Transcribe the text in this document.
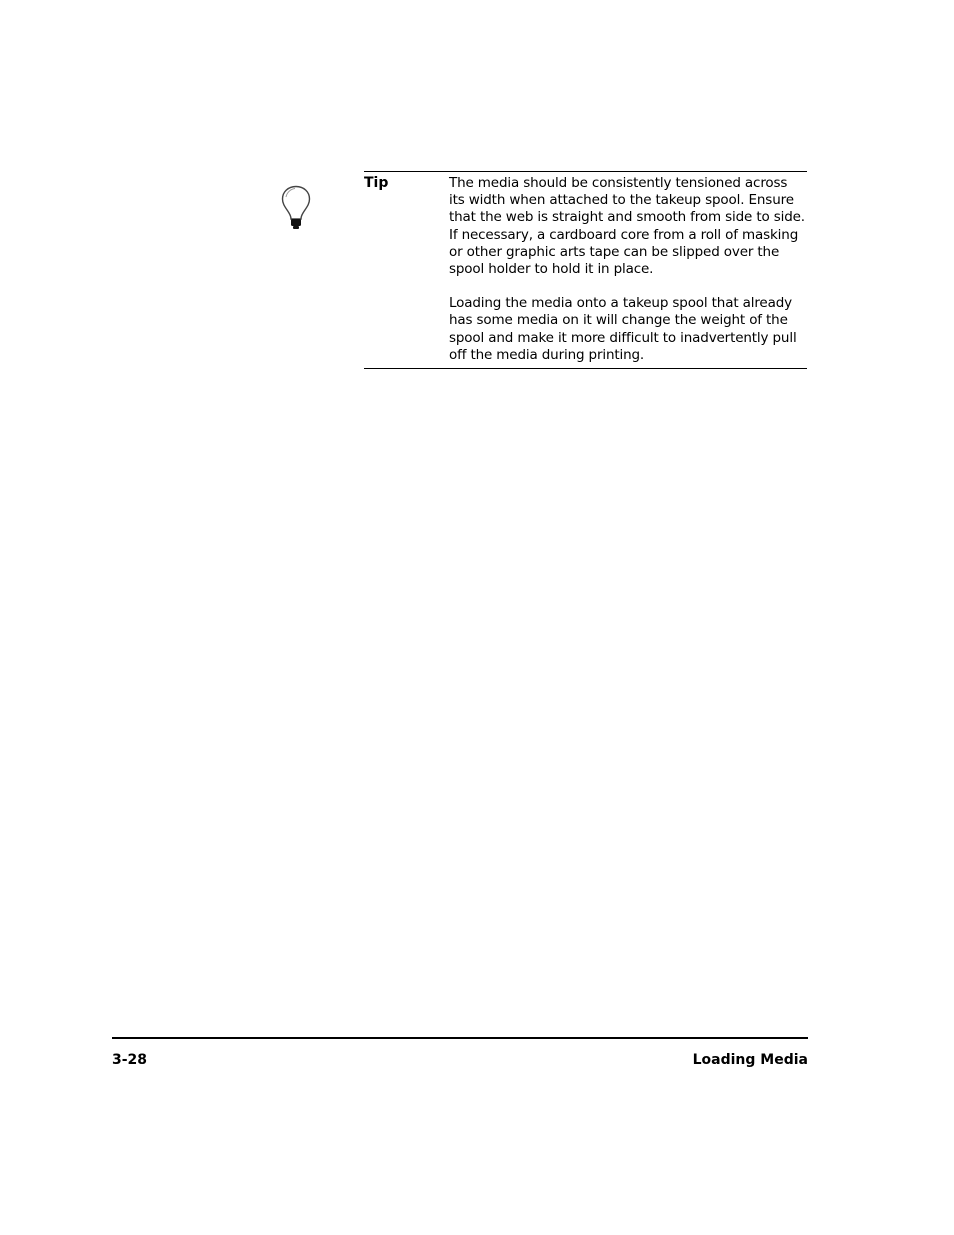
Tip	The media should be consistently tensioned across its width when attached to the takeup spool. Ensure that the web is straight and smooth from side to side. If necessary, a cardboard core from a roll of masking or other graphic arts tape can be slipped over the spool holder to hold it in place.

Loading the media onto a takeup spool that already has some media on it will change the weight of the spool and make it more difficult to inadvertently pull off the media during printing.

3-28	Loading Media
